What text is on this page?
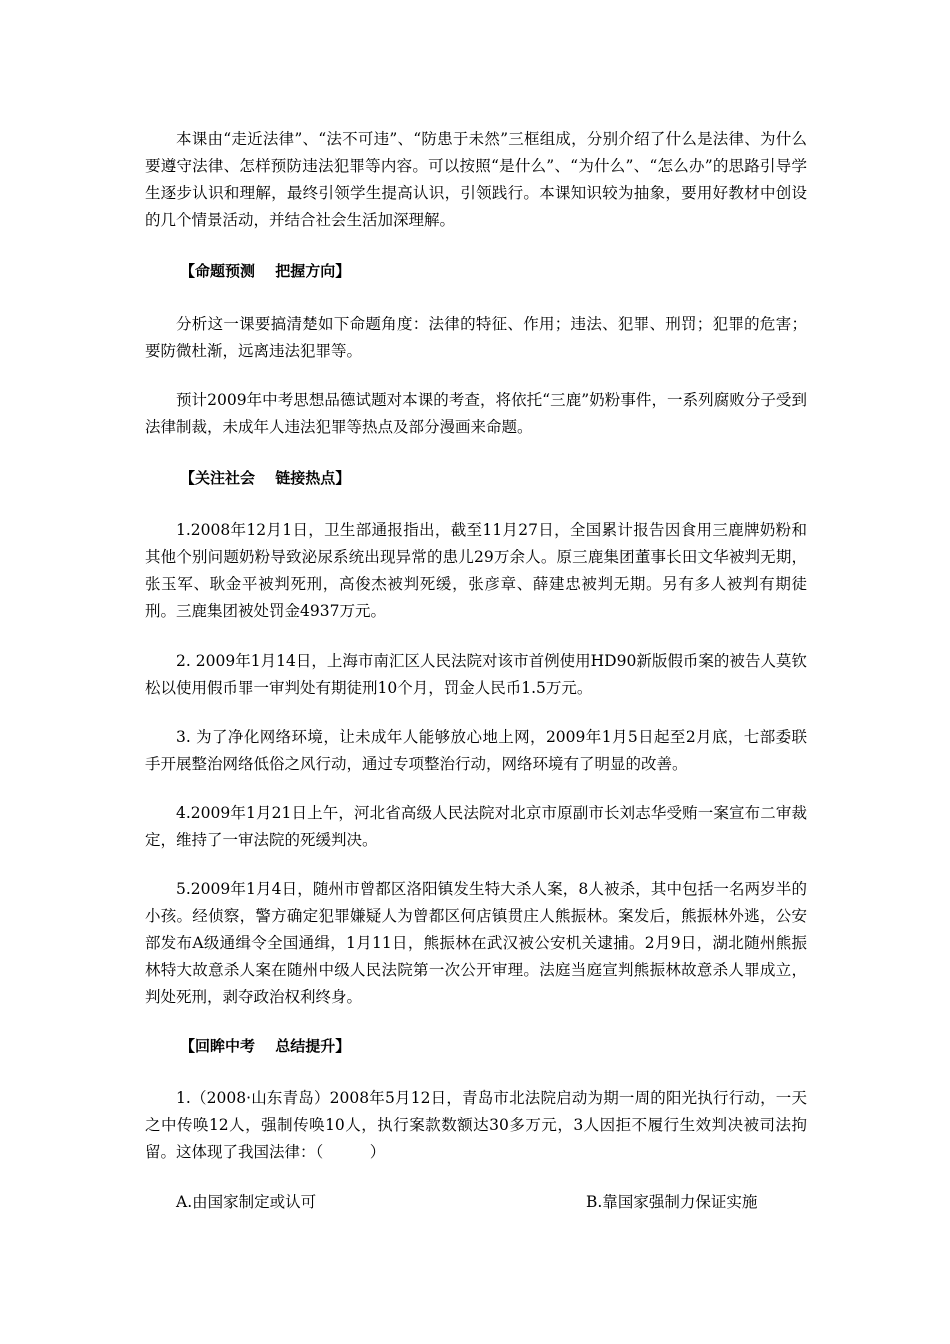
本课由“走近法律”、“法不可违”、“防患于未然”三框组成，分别介绍了什么是法律、为什么要遵守法律、怎样预防违法犯罪等内容。可以按照“是什么”、“为什么”、“怎么办”的思路引导学生逐步认识和理解，最终引领学生提高认识，引领践行。本课知识较为抽象，要用好教材中创设的几个情景活动，并结合社会生活加深理解。

【命题预测　 把握方向】

分析这一课要搞清楚如下命题角度：法律的特征、作用；违法、犯罪、刑罚；犯罪的危害；要防微杜渐，远离违法犯罪等。

预计2009年中考思想品德试题对本课的考查，将依托“三鹿”奶粉事件，一系列腐败分子受到法律制裁，未成年人违法犯罪等热点及部分漫画来命题。

【关注社会　 链接热点】

1.2008年12月1日，卫生部通报指出，截至11月27日，全国累计报告因食用三鹿牌奶粉和其他个别问题奶粉导致泌尿系统出现异常的患儿29万余人。原三鹿集团董事长田文华被判无期，张玉军、耿金平被判死刑，高俊杰被判死缓，张彦章、薛建忠被判无期。另有多人被判有期徒刑。三鹿集团被处罚金4937万元。

2. 2009年1月14日，上海市南汇区人民法院对该市首例使用HD90新版假币案的被告人莫钦松以使用假币罪一审判处有期徒刑10个月，罚金人民币1.5万元。

3. 为了净化网络环境，让未成年人能够放心地上网，2009年1月5日起至2月底，七部委联手开展整治网络低俗之风行动，通过专项整治行动，网络环境有了明显的改善。

4.2009年1月21日上午，河北省高级人民法院对北京市原副市长刘志华受贿一案宣布二审裁定，维持了一审法院的死缓判决。

5.2009年1月4日，随州市曾都区洛阳镇发生特大杀人案，8人被杀，其中包括一名两岁半的小孩。经侦察，警方确定犯罪嫌疑人为曾都区何店镇贯庄人熊振林。案发后，熊振林外逃，公安部发布A级通缉令全国通缉，1月11日，熊振林在武汉被公安机关逮捕。2月9日，湖北随州熊振林特大故意杀人案在随州中级人民法院第一次公开审理。法庭当庭宣判熊振林故意杀人罪成立，判处死刑，剥夺政治权利终身。

【回眸中考　 总结提升】

1.（2008·山东青岛）2008年5月12日，青岛市北法院启动为期一周的阳光执行行动，一天之中传唤12人，强制传唤10人，执行案款数额达30多万元，3人因拒不履行生效判决被司法拘留。这体现了我国法律：（　　　）

A.由国家制定或认可	B.靠国家强制力保证实施
